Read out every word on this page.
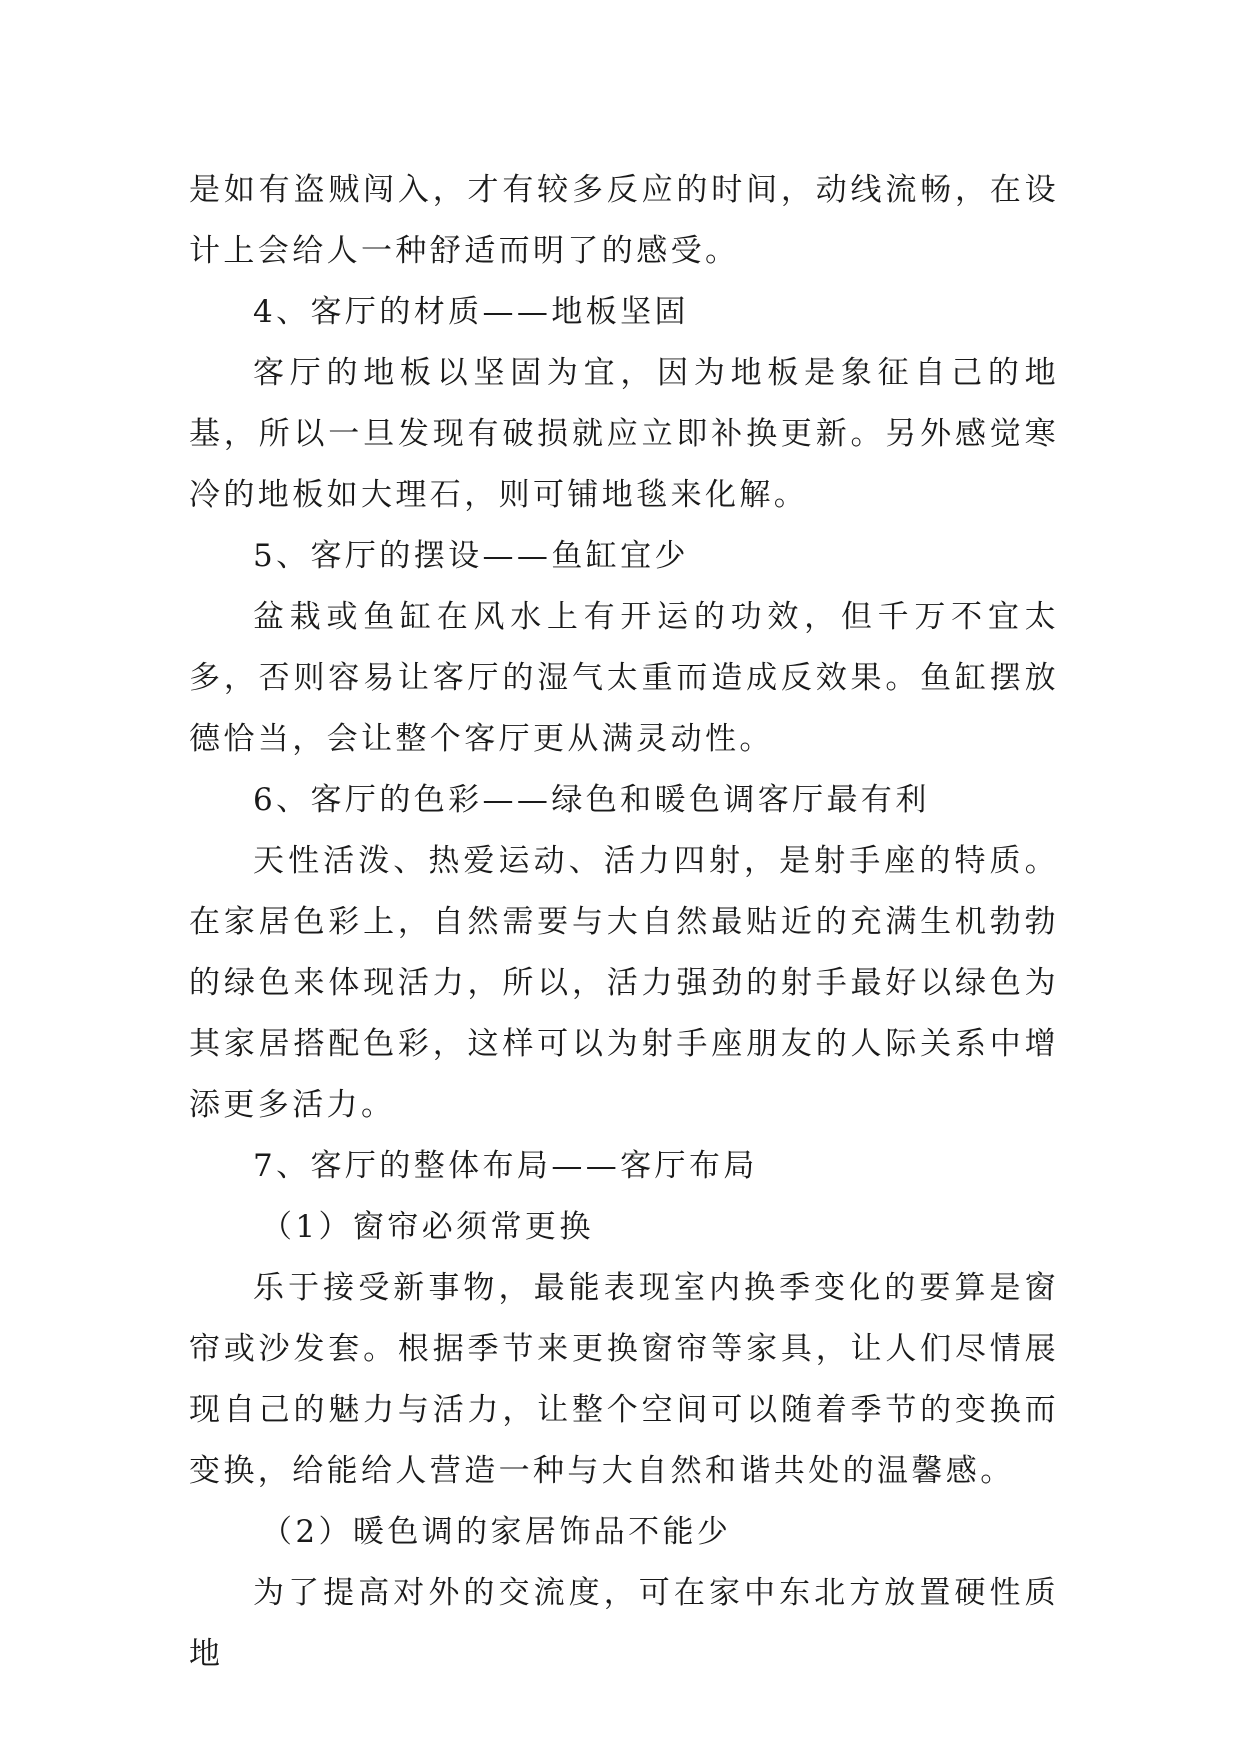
是如有盗贼闯入，才有较多反应的时间，动线流畅，在设计上会给人一种舒适而明了的感受。

4、客厅的材质——地板坚固

客厅的地板以坚固为宜，因为地板是象征自己的地基，所以一旦发现有破损就应立即补换更新。另外感觉寒冷的地板如大理石，则可铺地毯来化解。

5、客厅的摆设——鱼缸宜少

盆栽或鱼缸在风水上有开运的功效，但千万不宜太多，否则容易让客厅的湿气太重而造成反效果。鱼缸摆放德恰当，会让整个客厅更从满灵动性。

6、客厅的色彩——绿色和暖色调客厅最有利

天性活泼、热爱运动、活力四射，是射手座的特质。在家居色彩上，自然需要与大自然最贴近的充满生机勃勃的绿色来体现活力，所以，活力强劲的射手最好以绿色为其家居搭配色彩，这样可以为射手座朋友的人际关系中增添更多活力。

7、客厅的整体布局——客厅布局

（1）窗帘必须常更换

乐于接受新事物，最能表现室内换季变化的要算是窗帘或沙发套。根据季节来更换窗帘等家具，让人们尽情展现自己的魅力与活力，让整个空间可以随着季节的变换而变换，给能给人营造一种与大自然和谐共处的温馨感。

（2）暖色调的家居饰品不能少

为了提高对外的交流度，可在家中东北方放置硬性质地
